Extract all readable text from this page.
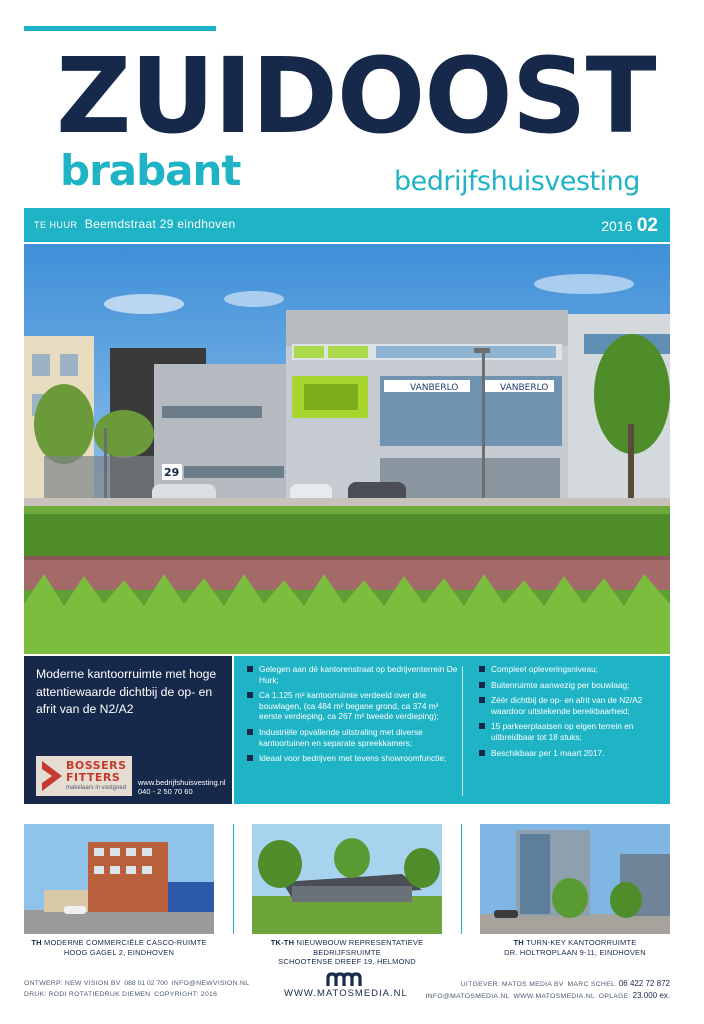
ZUIDOOST
brabant	bedrijfshuisvesting
TE HUUR Beemdstraat 29 eindhoven	2016 02
VANBERLO	VANBERLO
29
Moderne kantoorruimte met hoge attentiewaarde dichtbij de op- en afrit van de N2/A2
BOSSERS
FITTERS
makelaars in vastgoed
www.bedrijfshuisvesting.nl
040 - 2 50 70 60
Gelegen aan dé kantorenstraat op bedrijventerrein De Hurk;
Ca 1.125 m² kantoorruimte verdeeld over drie bouwlagen, (ca 484 m² begane grond, ca 374 m² eerste verdieping, ca 267 m² tweede verdieping);
Industriële opvallende uitstraling met diverse kantoortuinen en separate spreekkamers;
Ideaal voor bedrijven met tevens showroomfunctie;
Compleet opleveringsniveau;
Buitenruimte aanwezig per bouwlaag;
Zéér dichtbij de op- en afrit van de N2/A2 waardoor uitstekende bereikbaarheid;
15 parkeerplaatsen op eigen terrein en uitbreidbaar tot 18 stuks;
Beschikbaar per 1 maart 2017.
TH MODERNE COMMERCIËLE CASCO-RUIMTE
HOOG GAGEL 2, EINDHOVEN
TK-TH NIEUWBOUW REPRESENTATIEVE BEDRIJFSRUIMTE
SCHOOTENSE DREEF 19, HELMOND
TH TURN-KEY KANTOORRUIMTE
DR. HOLTROPLAAN 9-11, EINDHOVEN
ONTWERP: NEW VISION BV 088 01 02 700 INFO@NEWVISION.NL
DRUK: RODI ROTATIEDRUK DIEMEN COPYRIGHT: 2016	WWW.MATOSMEDIA.NL
UITGEVER: MATOS MEDIA BV MARC SCHEL 06 422 72 872
INFO@MATOSMEDIA.NL WWW.MATOSMEDIA.NL OPLAGE: 23.000 ex.
